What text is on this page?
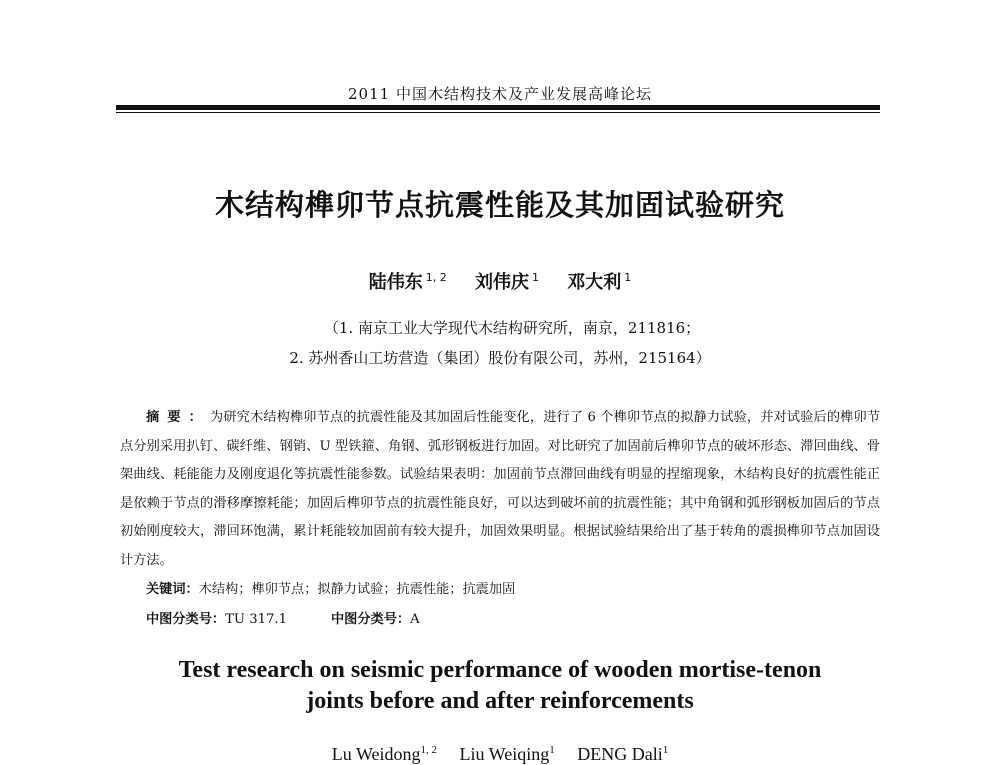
2011 中国木结构技术及产业发展高峰论坛
木结构榫卯节点抗震性能及其加固试验研究
陆伟东 $^{1, 2}$ 刘伟庆 $^1$ 邓大利 $^1$
（1. 南京工业大学现代木结构研究所，南京，211816；
2. 苏州香山工坊营造（集团）股份有限公司，苏州，215164）
摘要：为研究木结构榫卯节点的抗震性能及其加固后性能变化，进行了 6 个榫卯节点的拟静力试验，并对试验后的榫卯节点分别采用扒钉、碳纤维、钢销、U 型铁箍、角钢、弧形钢板进行加固。对比研究了加固前后榫卯节点的破坏形态、滞回曲线、骨架曲线、耗能能力及刚度退化等抗震性能参数。试验结果表明：加固前节点滞回曲线有明显的捏缩现象，木结构良好的抗震性能正是依赖于节点的滑移摩擦耗能；加固后榫卯节点的抗震性能良好，可以达到破坏前的抗震性能；其中角钢和弧形钢板加固后的节点初始刚度较大，滞回环饱满，累计耗能较加固前有较大提升，加固效果明显。根据试验结果给出了基于转角的震损榫卯节点加固设计方法。
关键词：木结构；榫卯节点；拟静力试验；抗震性能；抗震加固
中图分类号：TU 317.1	中图分类号：A
Test research on seismic performance of wooden mortise-tenon
joints before and after reinforcements
Lu Weidong$^{1, 2}$ Liu Weiqing$^1$ DENG Dali$^1$
